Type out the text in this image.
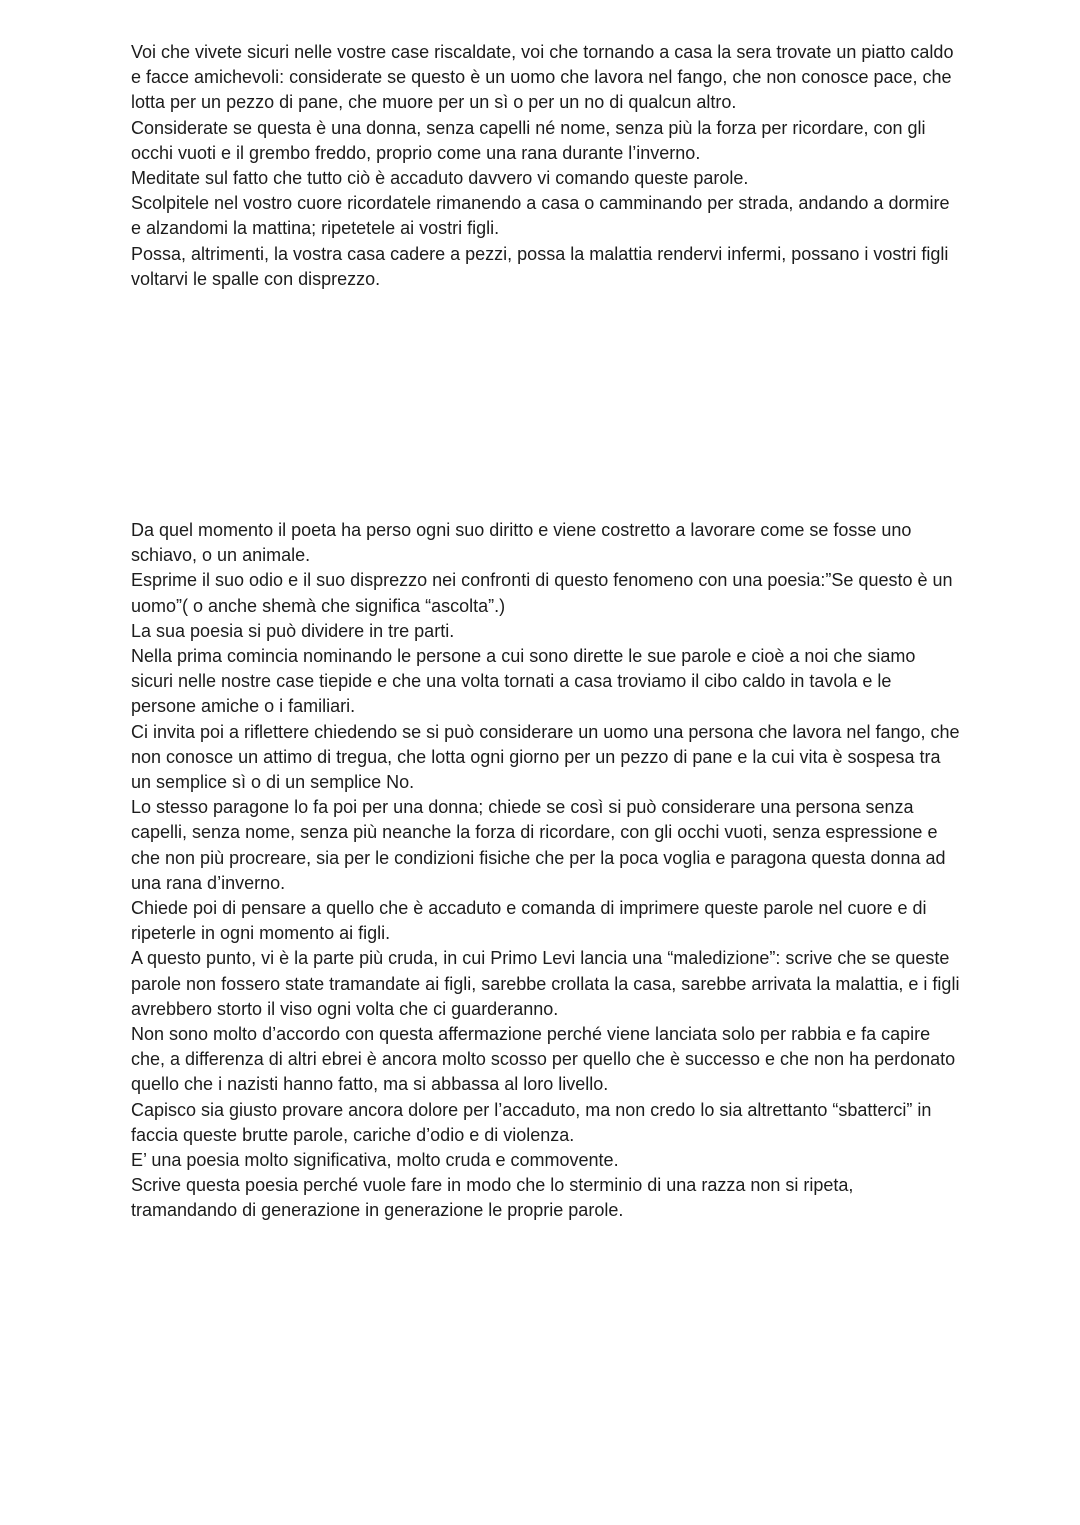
Voi che vivete sicuri nelle vostre case riscaldate, voi che tornando a casa la sera trovate un piatto caldo e facce amichevoli: considerate se questo è un uomo che lavora nel fango, che non conosce pace, che lotta per un pezzo di pane, che muore per un sì o per un no di qualcun altro.

Considerate se questa è una donna, senza capelli né nome, senza più la forza per ricordare, con gli occhi vuoti e il grembo freddo, proprio come una rana durante l’inverno.

Meditate sul fatto che tutto ciò è accaduto davvero vi comando queste parole.

Scolpitele nel vostro cuore ricordatele rimanendo a casa o camminando per strada, andando a dormire e alzandomi la mattina; ripetetele ai vostri figli.

Possa, altrimenti, la vostra casa cadere a pezzi, possa la malattia rendervi infermi, possano i vostri figli voltarvi le spalle con disprezzo.

Da quel momento il poeta ha perso ogni suo diritto e viene costretto a lavorare come se fosse uno schiavo, o un animale.

Esprime il suo odio e il suo disprezzo nei confronti di questo fenomeno con una poesia:”Se questo è un uomo”( o anche shemà che significa “ascolta”.)

La sua poesia si può dividere in tre parti.

Nella prima comincia nominando le persone a cui sono dirette le sue parole e cioè a noi che siamo sicuri nelle nostre case tiepide e che una volta tornati a casa troviamo il cibo caldo in tavola e le persone amiche o i familiari.

Ci invita poi a riflettere chiedendo se si può considerare un uomo una persona che lavora nel fango, che non conosce un attimo di tregua, che lotta ogni giorno per un pezzo di pane e la cui vita è sospesa tra un semplice sì o di un semplice No.

Lo stesso paragone lo fa poi per una donna; chiede se così si può considerare una persona senza capelli, senza nome, senza più neanche la forza di ricordare, con gli occhi vuoti, senza espressione e che non più procreare, sia per le condizioni fisiche che per la poca voglia e paragona questa donna ad una rana d’inverno.

Chiede poi di pensare a quello che è accaduto e comanda di imprimere queste parole nel cuore e di ripeterle in ogni momento ai figli.

A questo punto, vi è la parte più cruda, in cui Primo Levi lancia una “maledizione”: scrive che se queste parole non fossero state tramandate ai figli, sarebbe crollata la casa, sarebbe arrivata la malattia, e i figli avrebbero storto il viso ogni volta che ci guarderanno.

Non sono molto d’accordo con questa affermazione perché viene lanciata solo per rabbia e fa capire che, a differenza di altri ebrei è ancora molto scosso per quello che è successo e che non ha perdonato quello che i nazisti hanno fatto, ma si abbassa al loro livello.

Capisco sia giusto provare ancora dolore per l’accaduto, ma non credo lo sia altrettanto “sbatterci” in faccia queste brutte parole, cariche d’odio e di violenza.

E’ una poesia molto significativa, molto cruda e commovente.

Scrive questa poesia perché vuole fare in modo che lo sterminio di una razza non si ripeta, tramandando di generazione in generazione le proprie parole.
